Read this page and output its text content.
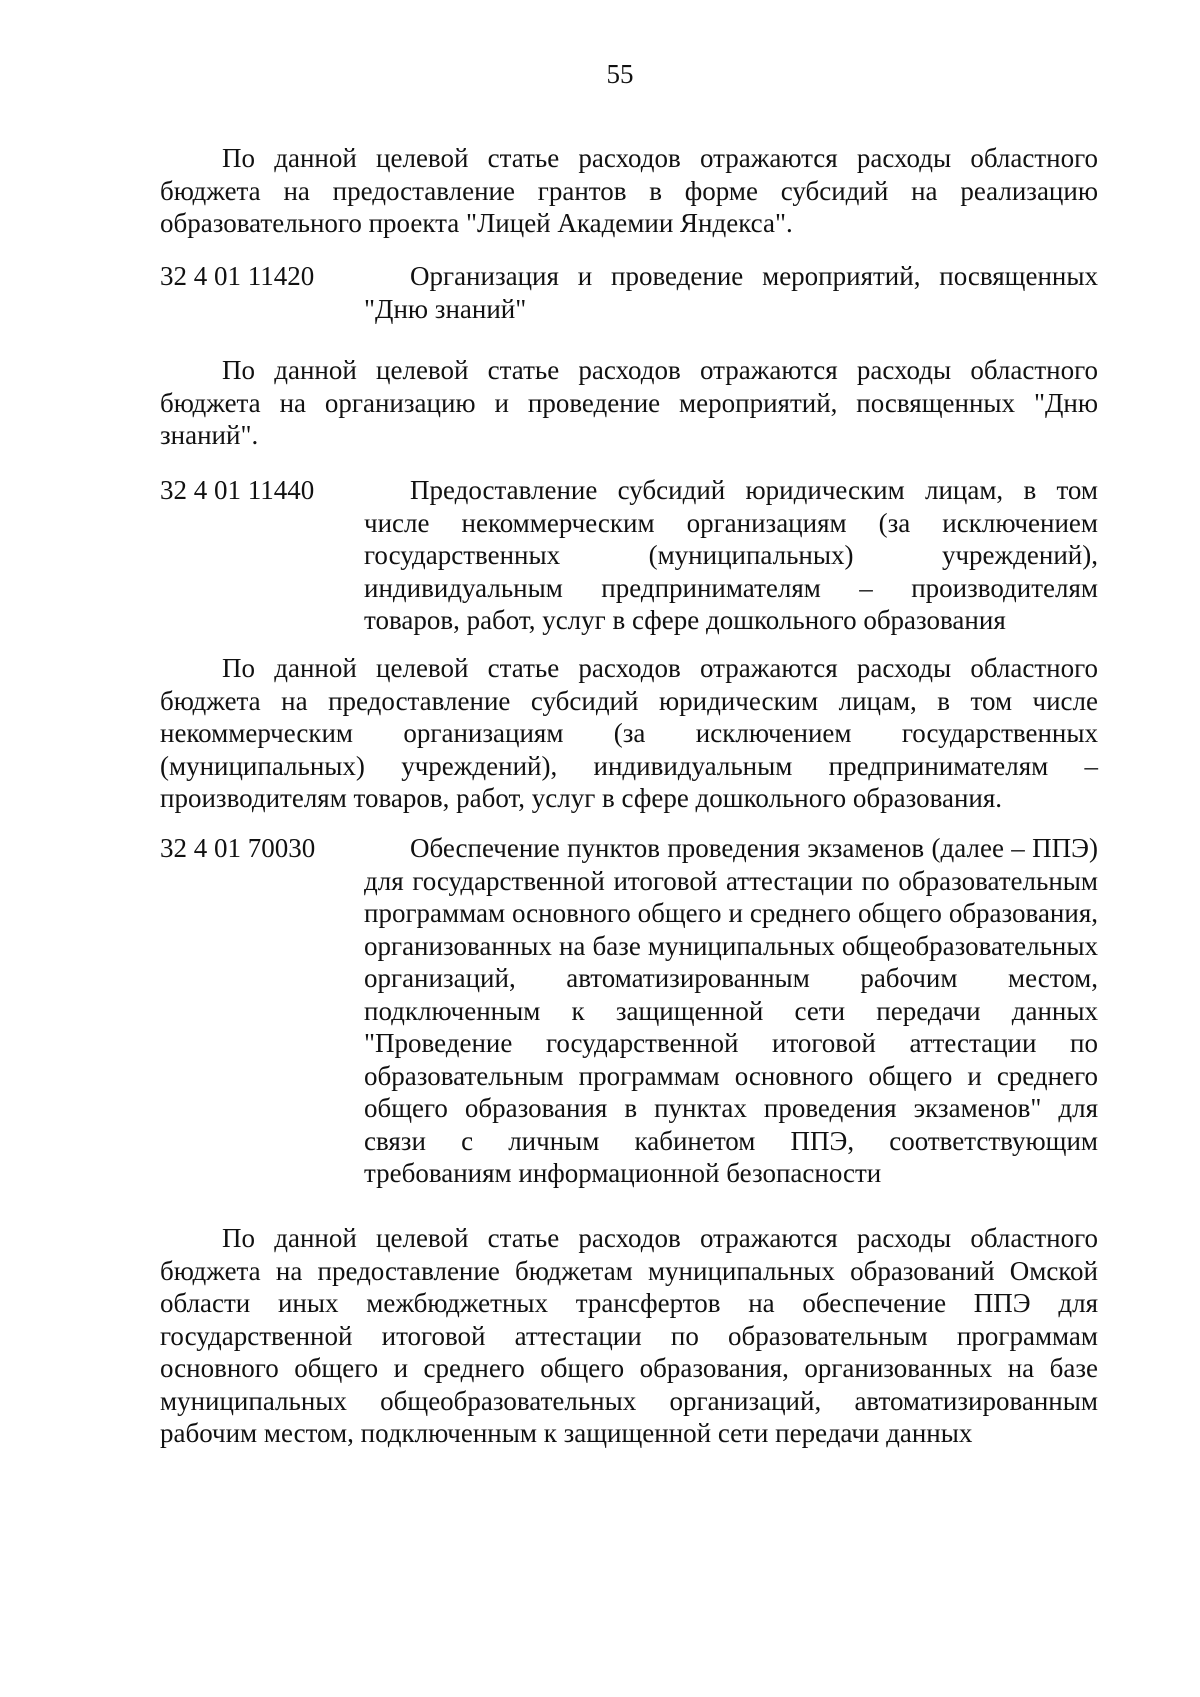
55

По данной целевой статье расходов отражаются расходы областного бюджета на предоставление грантов в форме субсидий на реализацию образовательного проекта "Лицей Академии Яндекса".

32 4 01 11420	Организация и проведение мероприятий, посвященных "Дню знаний"

По данной целевой статье расходов отражаются расходы областного бюджета на организацию и проведение мероприятий, посвященных "Дню знаний".

32 4 01 11440	Предоставление субсидий юридическим лицам, в том числе некоммерческим организациям (за исключением государственных (муниципальных) учреждений), индивидуальным предпринимателям – производителям товаров, работ, услуг в сфере дошкольного образования

По данной целевой статье расходов отражаются расходы областного бюджета на предоставление субсидий юридическим лицам, в том числе некоммерческим организациям (за исключением государственных (муниципальных) учреждений), индивидуальным предпринимателям – производителям товаров, работ, услуг в сфере дошкольного образования.

32 4 01 70030	Обеспечение пунктов проведения экзаменов (далее – ППЭ) для государственной итоговой аттестации по образовательным программам основного общего и среднего общего образования, организованных на базе муниципальных общеобразовательных организаций, автоматизированным рабочим местом, подключенным к защищенной сети передачи данных "Проведение государственной итоговой аттестации по образовательным программам основного общего и среднего общего образования в пунктах проведения экзаменов" для связи с личным кабинетом ППЭ, соответствующим требованиям информационной безопасности

По данной целевой статье расходов отражаются расходы областного бюджета на предоставление бюджетам муниципальных образований Омской области иных межбюджетных трансфертов на обеспечение ППЭ для государственной итоговой аттестации по образовательным программам основного общего и среднего общего образования, организованных на базе муниципальных общеобразовательных организаций, автоматизированным рабочим местом, подключенным к защищенной сети передачи данных
